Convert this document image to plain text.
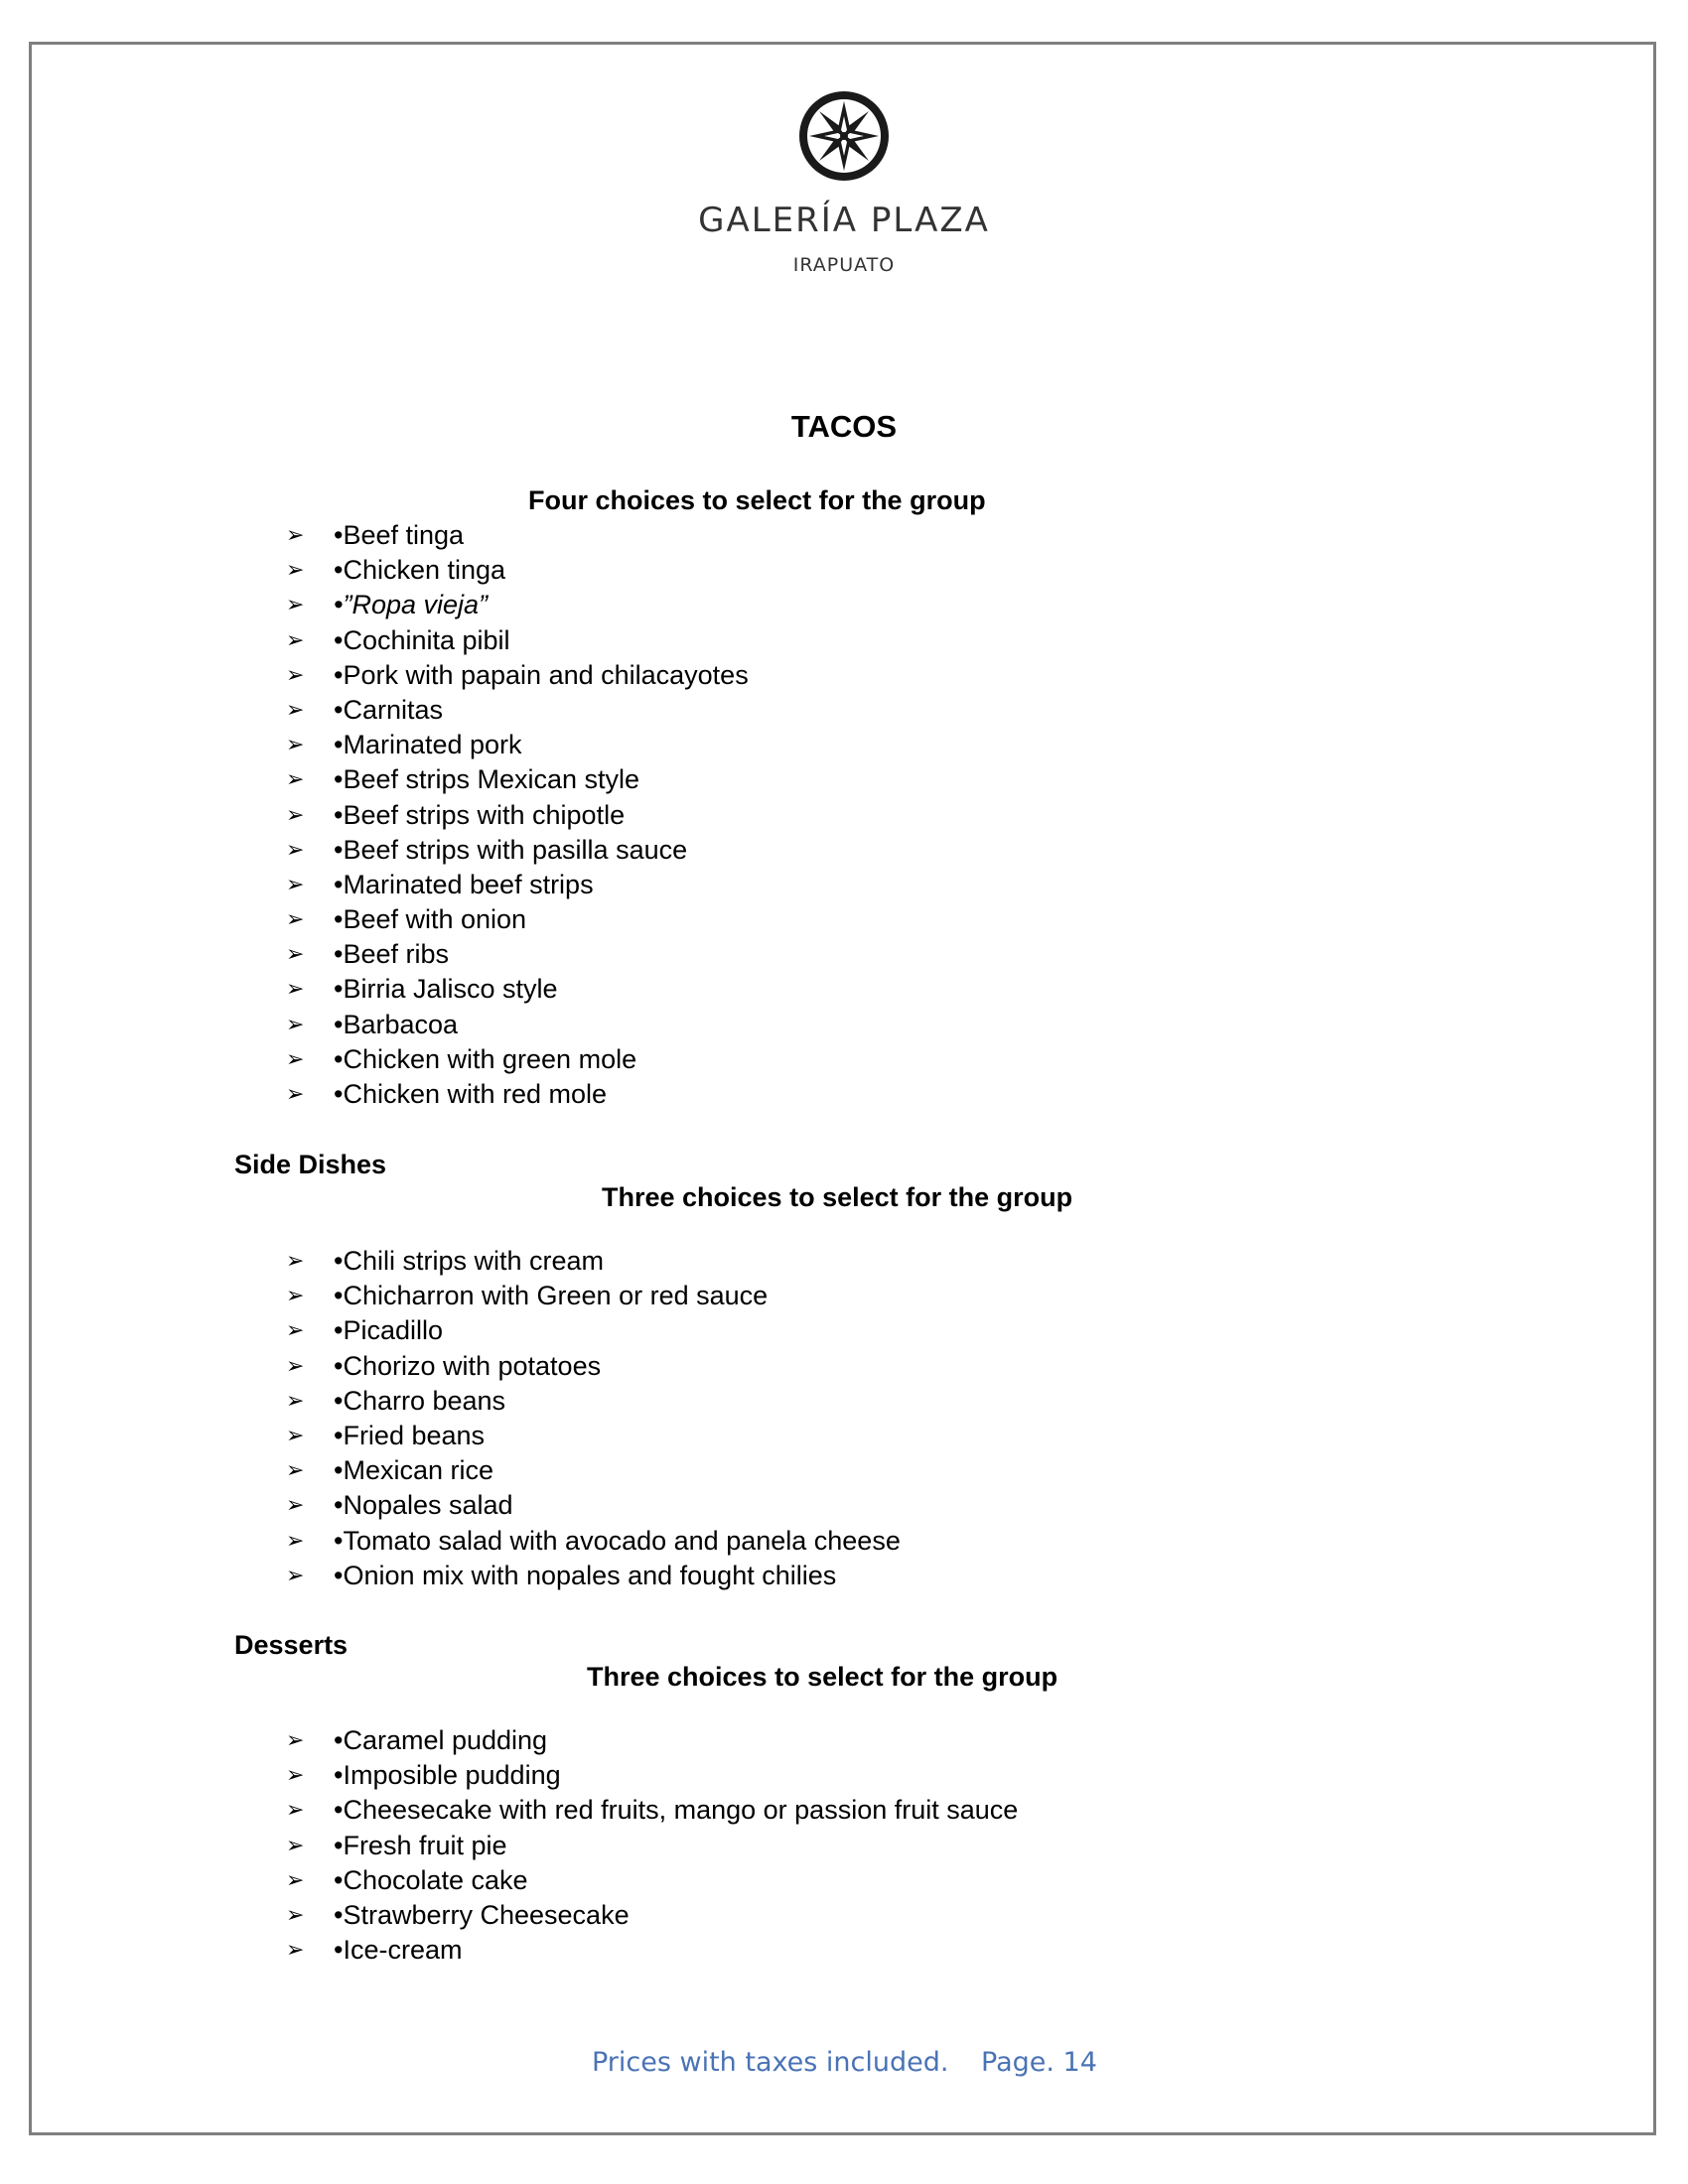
GALERÍA PLAZA
IRAPUATO
TACOS
Four choices to select for the group
➢	•Beef tinga
➢	•Chicken tinga
➢	•”Ropa vieja”
➢	•Cochinita pibil
➢	•Pork with papain and chilacayotes
➢	•Carnitas
➢	•Marinated pork
➢	•Beef strips Mexican style
➢	•Beef strips with chipotle
➢	•Beef strips with pasilla sauce
➢	•Marinated beef strips
➢	•Beef with onion
➢	•Beef ribs
➢	•Birria Jalisco style
➢	•Barbacoa
➢	•Chicken with green mole
➢	•Chicken with red mole
Side Dishes
Three choices to select for the group
➢	•Chili strips with cream
➢	•Chicharron with Green or red sauce
➢	•Picadillo
➢	•Chorizo with potatoes
➢	•Charro beans
➢	•Fried beans
➢	•Mexican rice
➢	•Nopales salad
➢	•Tomato salad with avocado and panela cheese
➢	•Onion mix with nopales and fought chilies
Desserts
Three choices to select for the group
➢	•Caramel pudding
➢	•Imposible pudding
➢	•Cheesecake with red fruits, mango or passion fruit sauce
➢	•Fresh fruit pie
➢	•Chocolate cake
➢	•Strawberry Cheesecake
➢	•Ice-cream
Prices with taxes included. Page. 14
